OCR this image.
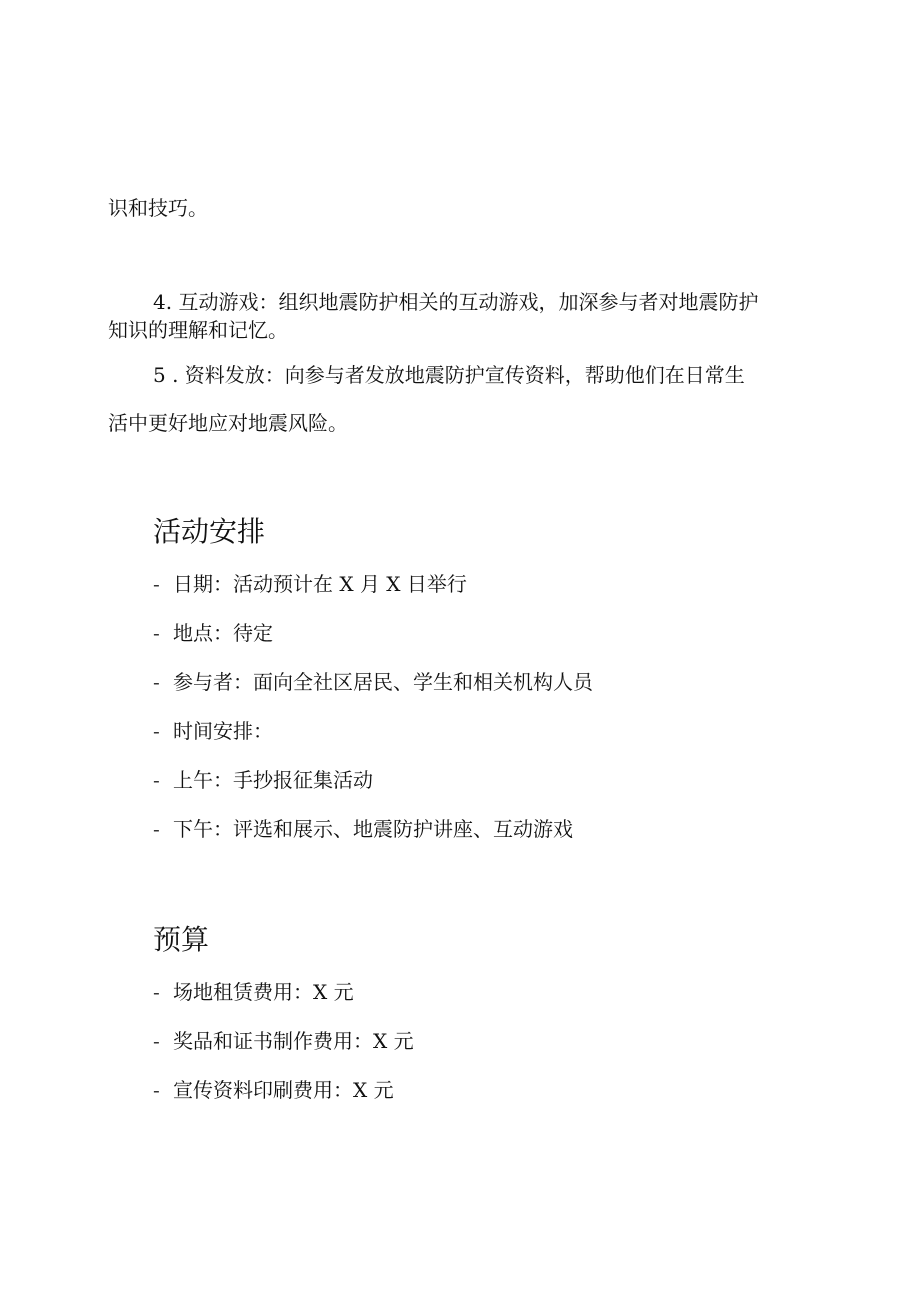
识和技巧。

4. 互动游戏：组织地震防护相关的互动游戏，加深参与者对地震防护

知识的理解和记忆。

5 . 资料发放：向参与者发放地震防护宣传资料，帮助他们在日常生

活中更好地应对地震风险。

活动安排

- 日期：活动预计在 X 月 X 日举行

- 地点：待定

- 参与者：面向全社区居民、学生和相关机构人员

- 时间安排：

- 上午：手抄报征集活动

- 下午：评选和展示、地震防护讲座、互动游戏

预算

- 场地租赁费用：X 元

- 奖品和证书制作费用：X 元

- 宣传资料印刷费用：X 元
